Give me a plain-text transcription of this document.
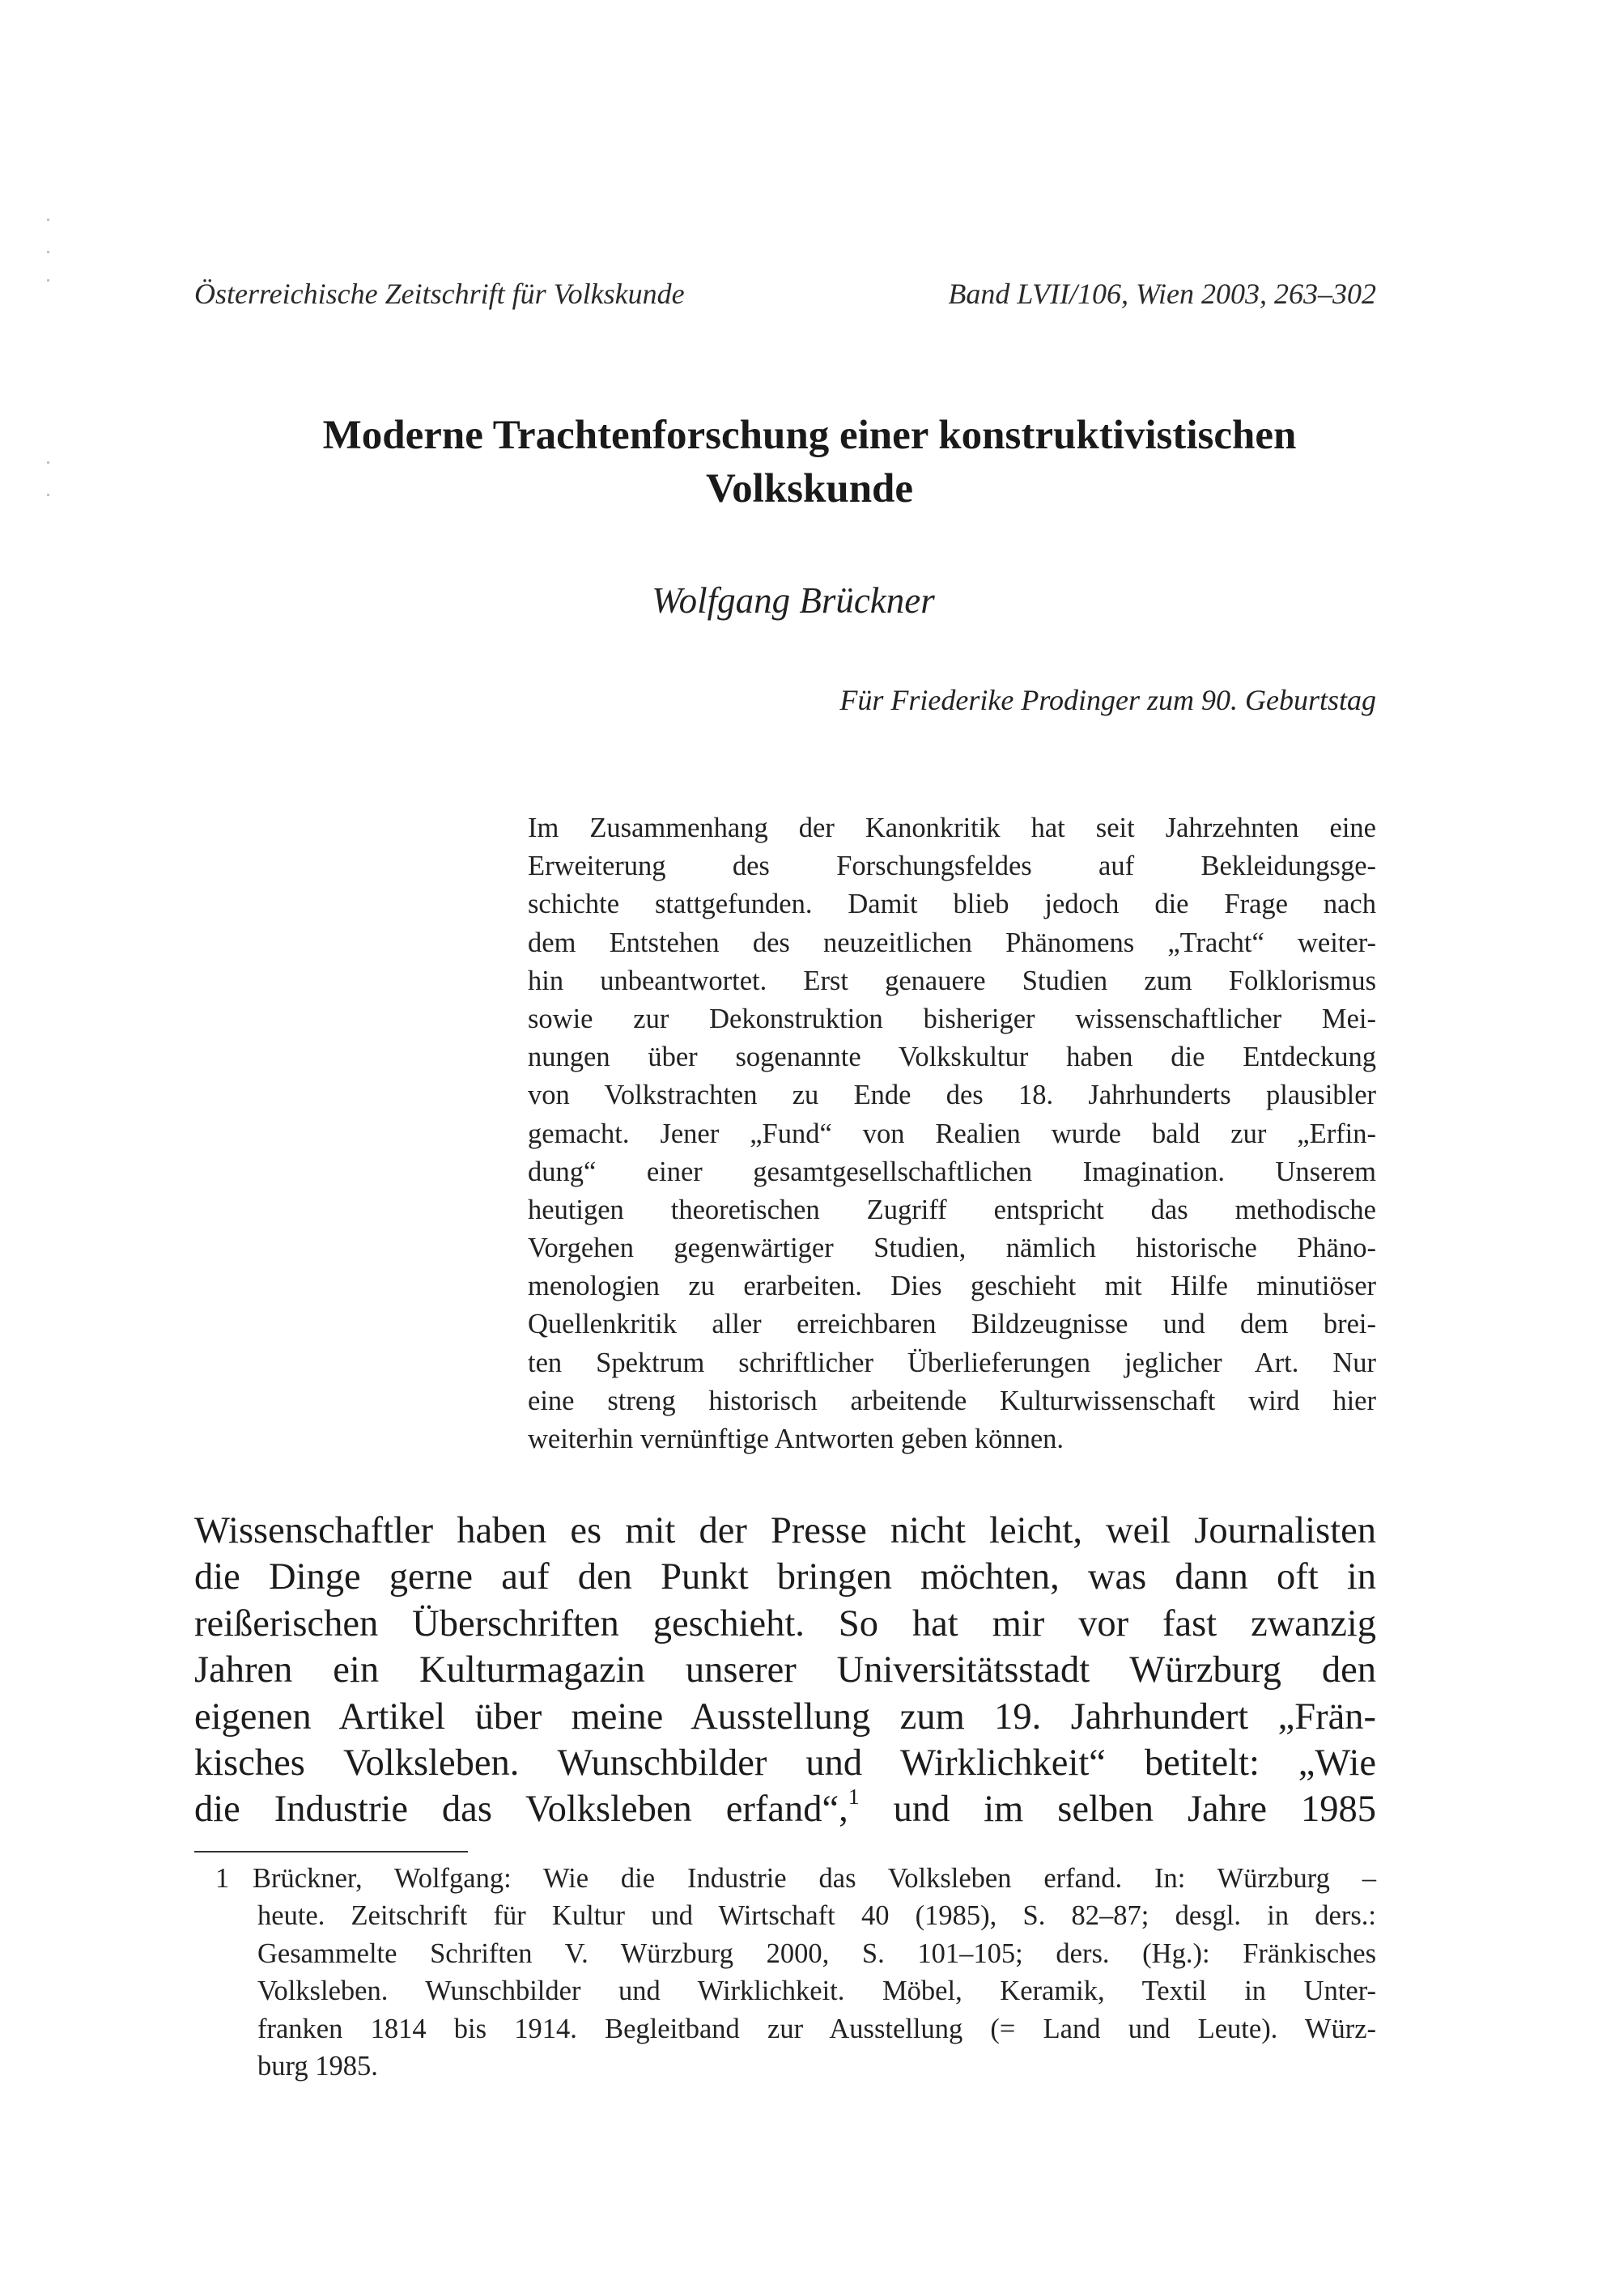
Österreichische Zeitschrift für Volkskunde	Band LVII/106, Wien 2003, 263–302
Moderne Trachtenforschung einer konstruktivistischen
Volkskunde
Wolfgang Brückner
Für Friederike Prodinger zum 90. Geburtstag
Im Zusammenhang der Kanonkritik hat seit Jahrzehnten eine
Erweiterung des Forschungsfeldes auf Bekleidungsge-
schichte stattgefunden. Damit blieb jedoch die Frage nach
dem Entstehen des neuzeitlichen Phänomens „Tracht“ weiter-
hin unbeantwortet. Erst genauere Studien zum Folklorismus
sowie zur Dekonstruktion bisheriger wissenschaftlicher Mei-
nungen über sogenannte Volkskultur haben die Entdeckung
von Volkstrachten zu Ende des 18. Jahrhunderts plausibler
gemacht. Jener „Fund“ von Realien wurde bald zur „Erfin-
dung“ einer gesamtgesellschaftlichen Imagination. Unserem
heutigen theoretischen Zugriff entspricht das methodische
Vorgehen gegenwärtiger Studien, nämlich historische Phäno-
menologien zu erarbeiten. Dies geschieht mit Hilfe minutiöser
Quellenkritik aller erreichbaren Bildzeugnisse und dem brei-
ten Spektrum schriftlicher Überlieferungen jeglicher Art. Nur
eine streng historisch arbeitende Kulturwissenschaft wird hier
weiterhin vernünftige Antworten geben können.
Wissenschaftler haben es mit der Presse nicht leicht, weil Journalisten
die Dinge gerne auf den Punkt bringen möchten, was dann oft in
reißerischen Überschriften geschieht. So hat mir vor fast zwanzig
Jahren ein Kulturmagazin unserer Universitätsstadt Würzburg den
eigenen Artikel über meine Ausstellung zum 19. Jahrhundert „Frän-
kisches Volksleben. Wunschbilder und Wirklichkeit“ betitelt: „Wie
die Industrie das Volksleben erfand“,$^1$ und im selben Jahre 1985
1 Brückner, Wolfgang: Wie die Industrie das Volksleben erfand. In: Würzburg –
heute. Zeitschrift für Kultur und Wirtschaft 40 (1985), S. 82–87; desgl. in ders.:
Gesammelte Schriften V. Würzburg 2000, S. 101–105; ders. (Hg.): Fränkisches
Volksleben. Wunschbilder und Wirklichkeit. Möbel, Keramik, Textil in Unter-
franken 1814 bis 1914. Begleitband zur Ausstellung (= Land und Leute). Würz-
burg 1985.
